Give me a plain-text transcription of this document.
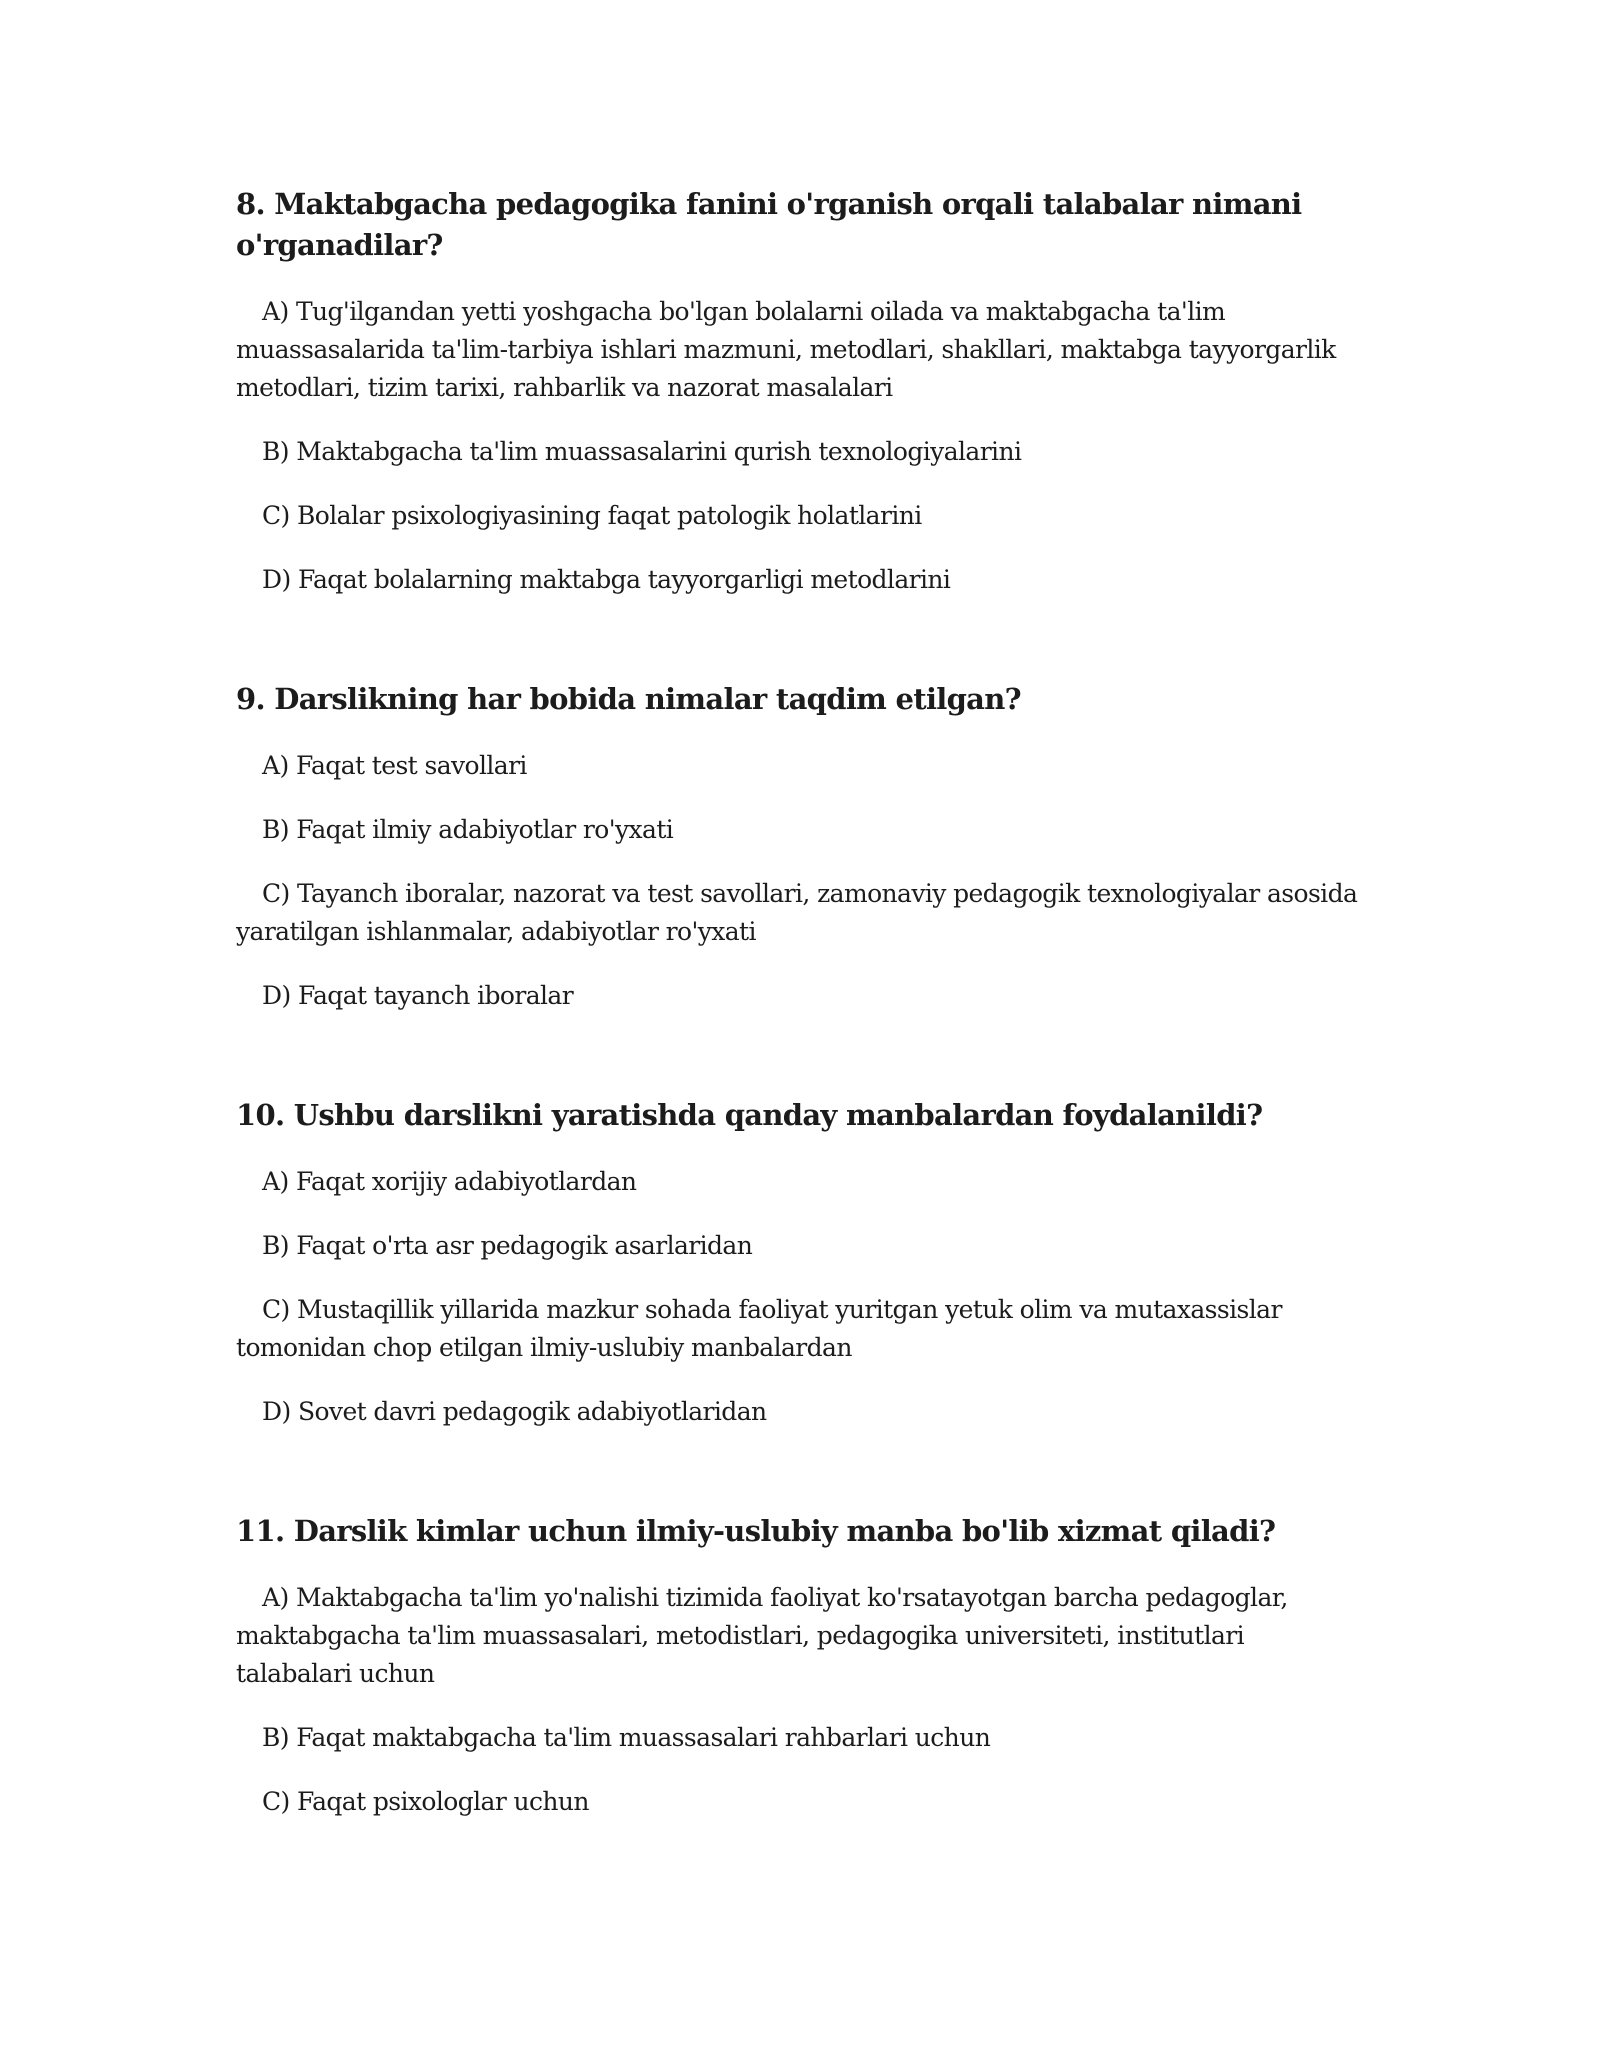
8. Maktabgacha pedagogika fanini o'rganish orqali talabalar nimani o'rganadilar?
A) Tug'ilgandan yetti yoshgacha bo'lgan bolalarni oilada va maktabgacha ta'lim muassasalarida ta'lim-tarbiya ishlari mazmuni, metodlari, shakllari, maktabga tayyorgarlik metodlari, tizim tarixi, rahbarlik va nazorat masalalari
B) Maktabgacha ta'lim muassasalarini qurish texnologiyalarini
C) Bolalar psixologiyasining faqat patologik holatlarini
D) Faqat bolalarning maktabga tayyorgarligi metodlarini
9. Darslikning har bobida nimalar taqdim etilgan?
A) Faqat test savollari
B) Faqat ilmiy adabiyotlar ro'yxati
C) Tayanch iboralar, nazorat va test savollari, zamonaviy pedagogik texnologiyalar asosida yaratilgan ishlanmalar, adabiyotlar ro'yxati
D) Faqat tayanch iboralar
10. Ushbu darslikni yaratishda qanday manbalardan foydalanildi?
A) Faqat xorijiy adabiyotlardan
B) Faqat o'rta asr pedagogik asarlaridan
C) Mustaqillik yillarida mazkur sohada faoliyat yuritgan yetuk olim va mutaxassislar tomonidan chop etilgan ilmiy-uslubiy manbalardan
D) Sovet davri pedagogik adabiyotlaridan
11. Darslik kimlar uchun ilmiy-uslubiy manba bo'lib xizmat qiladi?
A) Maktabgacha ta'lim yo'nalishi tizimida faoliyat ko'rsatayotgan barcha pedagoglar, maktabgacha ta'lim muassasalari, metodistlari, pedagogika universiteti, institutlari talabalari uchun
B) Faqat maktabgacha ta'lim muassasalari rahbarlari uchun
C) Faqat psixologlar uchun
